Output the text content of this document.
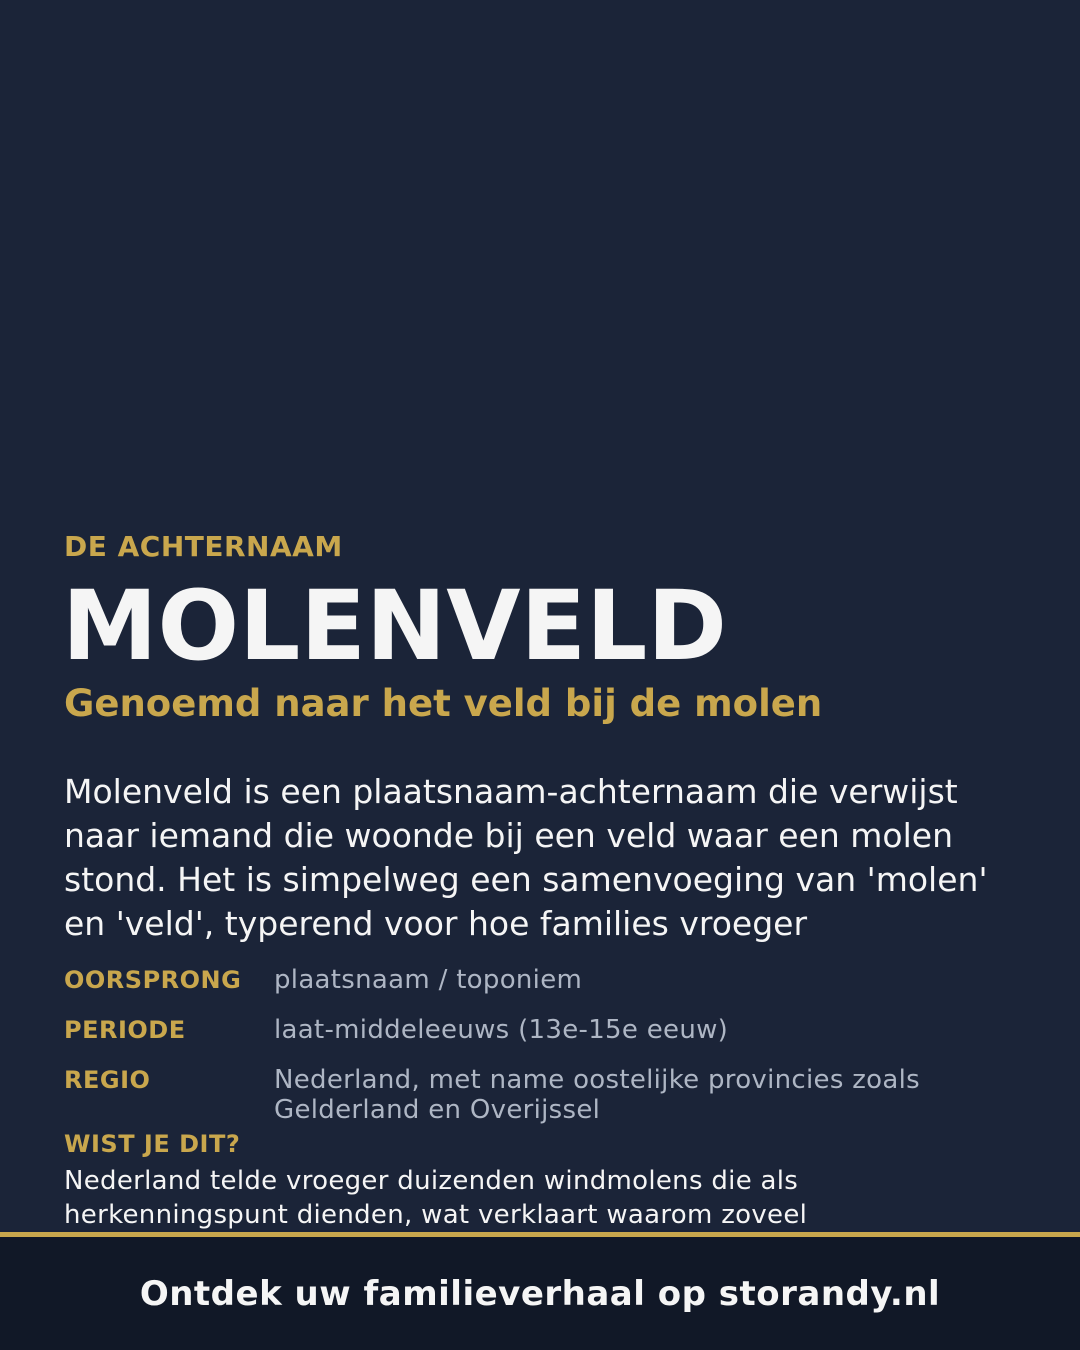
DE ACHTERNAAM
MOLENVELD
Genoemd naar het veld bij de molen
Molenveld is een plaatsnaam-achternaam die verwijst naar iemand die woonde bij een veld waar een molen stond. Het is simpelweg een samenvoeging van 'molen' en 'veld', typerend voor hoe families vroeger
OORSPRONG	plaatsnaam / toponiem
PERIODE	laat-middeleeuws (13e-15e eeuw)
REGIO	Nederland, met name oostelijke provincies zoals Gelderland en Overijssel
WIST JE DIT?
Nederland telde vroeger duizenden windmolens die als herkenningspunt dienden, wat verklaart waarom zoveel
Ontdek uw familieverhaal op storandy.nl
